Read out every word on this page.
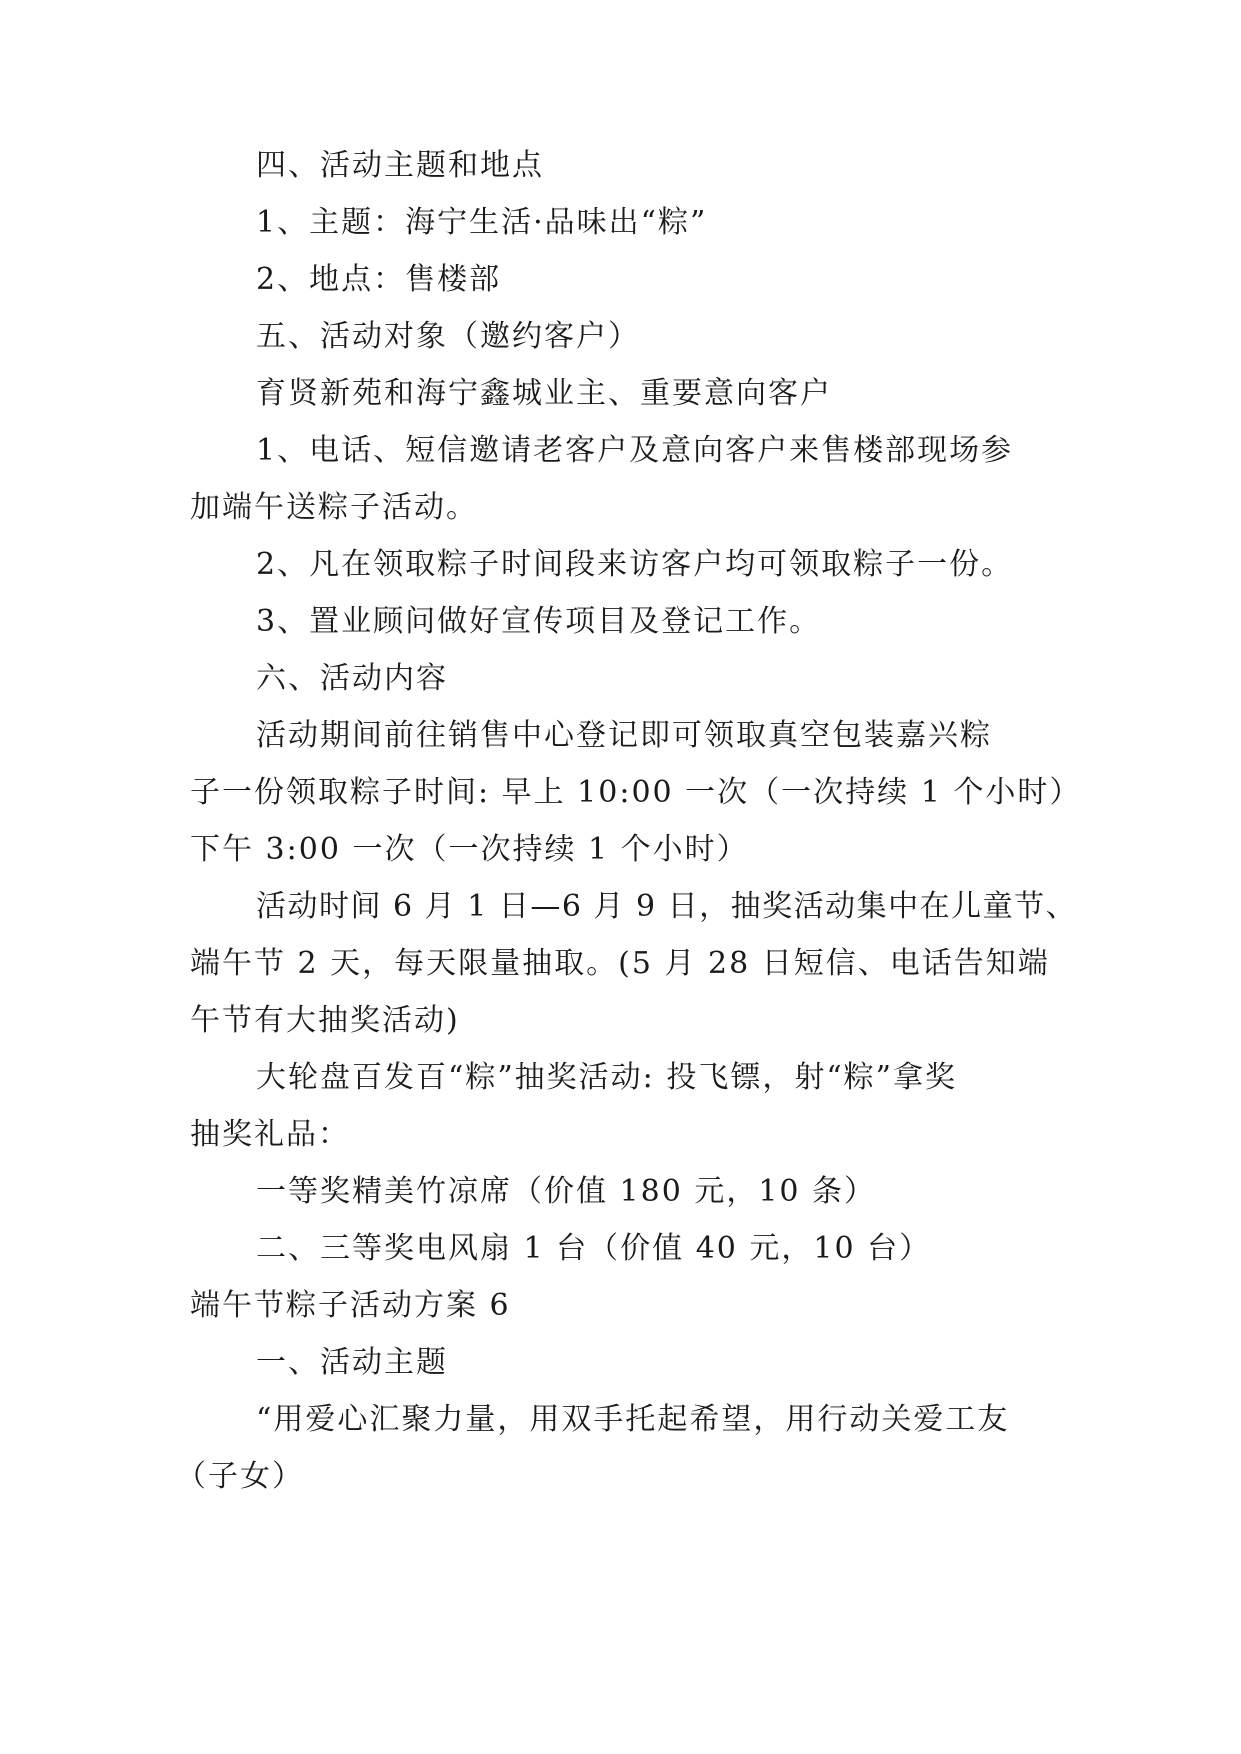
四、活动主题和地点
1、主题：海宁生活·品味出“粽”
2、地点：售楼部
五、活动对象（邀约客户）
育贤新苑和海宁鑫城业主、重要意向客户
1、电话、短信邀请老客户及意向客户来售楼部现场参
加端午送粽子活动。
2、凡在领取粽子时间段来访客户均可领取粽子一份。
3、置业顾问做好宣传项目及登记工作。
六、活动内容
活动期间前往销售中心登记即可领取真空包装嘉兴粽
子一份领取粽子时间: 早上 10:00 一次（一次持续 1 个小时）
下午 3:00 一次（一次持续 1 个小时）
活动时间 6 月 1 日—6 月 9 日，抽奖活动集中在儿童节、
端午节 2 天，每天限量抽取。(5 月 28 日短信、电话告知端
午节有大抽奖活动)
大轮盘百发百“粽”抽奖活动: 投飞镖，射“粽”拿奖
抽奖礼品：
一等奖精美竹凉席（价值 180 元，10 条）
二、三等奖电风扇 1 台（价值 40 元，10 台）
端午节粽子活动方案 6
一、活动主题
“用爱心汇聚力量，用双手托起希望，用行动关爱工友
（子女）
